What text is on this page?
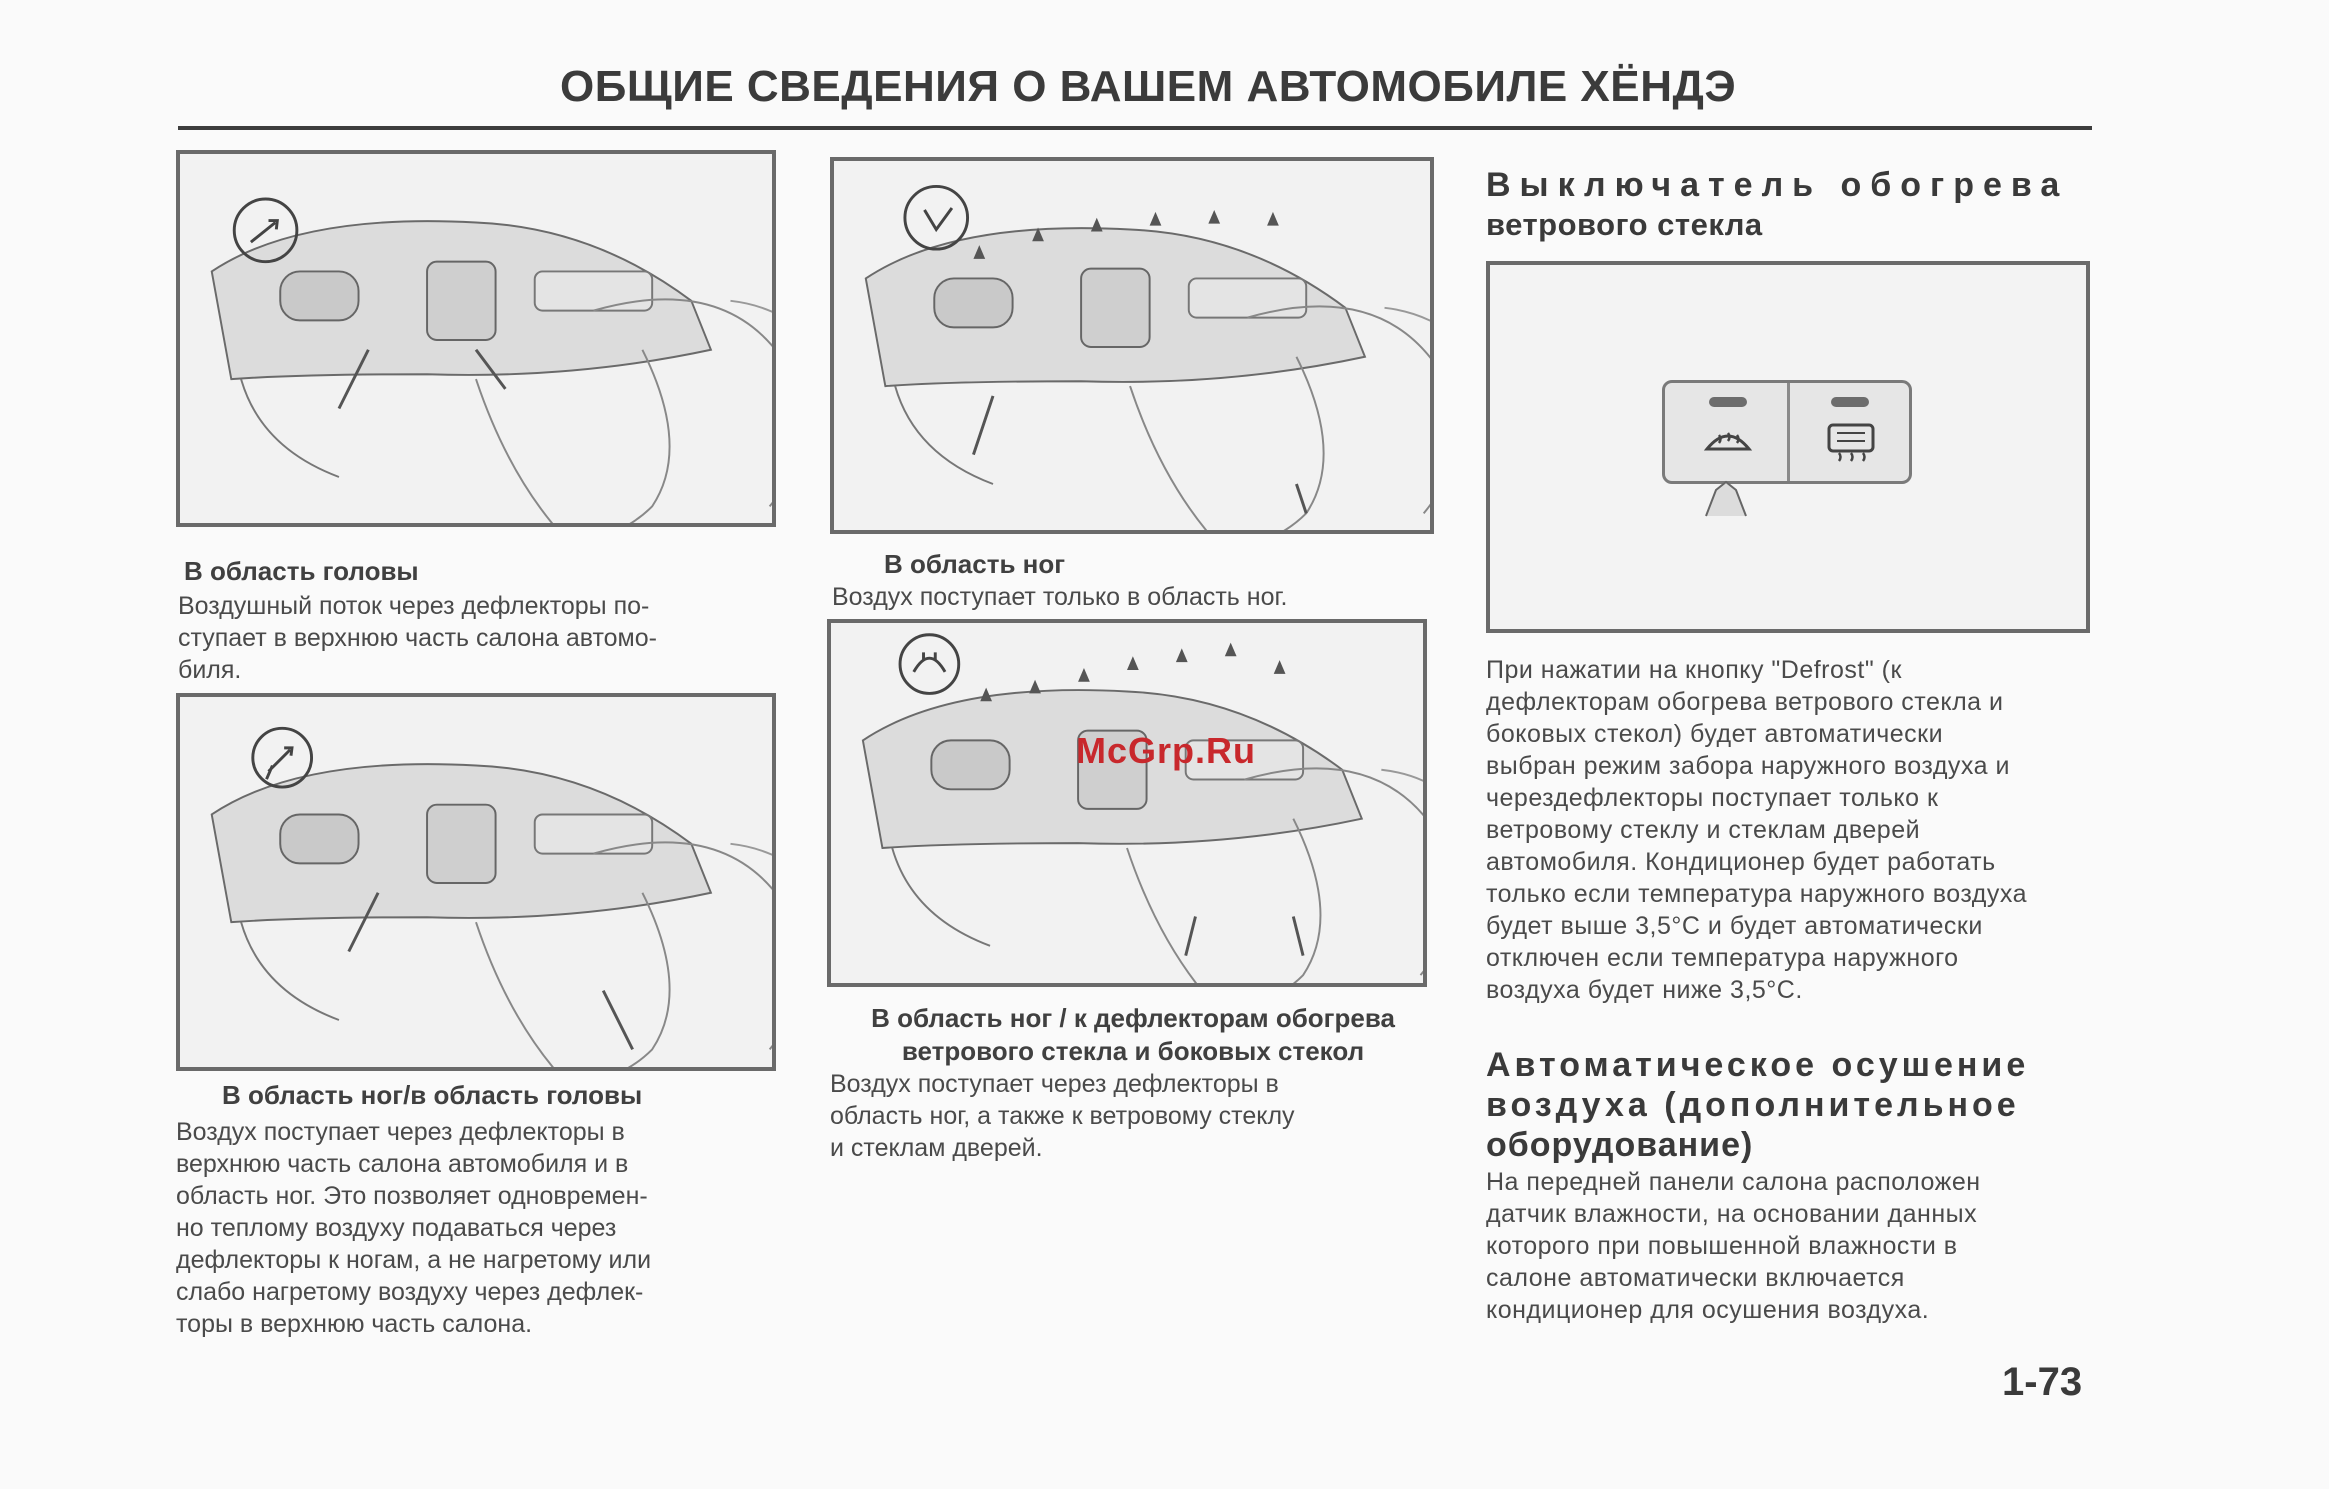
ОБЩИЕ СВЕДЕНИЯ О ВАШЕМ АВТОМОБИЛЕ ХЁНДЭ
В область головы
Воздушный поток через дефлекторы по-
ступает в верхнюю часть салона автомо-
биля.
В область ног/в область головы
Воздух поступает через дефлекторы в
верхнюю часть салона автомобиля и в
область ног. Это позволяет одновремен-
но теплому воздуху подаваться через
дефлекторы к ногам, а не нагретому или
слабо нагретому воздуху через дефлек-
торы в верхнюю часть салона.
В область ног
Воздух поступает только в область ног.
В область ног / к дефлекторам обогрева
ветрового стекла и боковых стекол
Воздух поступает через дефлекторы в
область ног, а также к ветровому стеклу
и стеклам дверей.
Выключатель обогрева
ветрового стекла
При нажатии на кнопку "Defrost" (к
дефлекторам обогрева ветрового стекла и
боковых стекол) будет автоматически
выбран режим забора наружного воздуха и
черездефлекторы поступает только к
ветровому стеклу и стеклам дверей
автомобиля. Кондиционер будет работать
только если температура наружного воздуха
будет выше 3,5°С и будет автоматически
отключен если температура наружного
воздуха будет ниже 3,5°С.
Автоматическое осушение
воздуха (дополнительное
оборудование)
На передней панели салона расположен
датчик влажности, на основании данных
которого при повышенной влажности в
салоне автоматически включается
кондиционер для осушения воздуха.
McGrp.Ru
1-73
